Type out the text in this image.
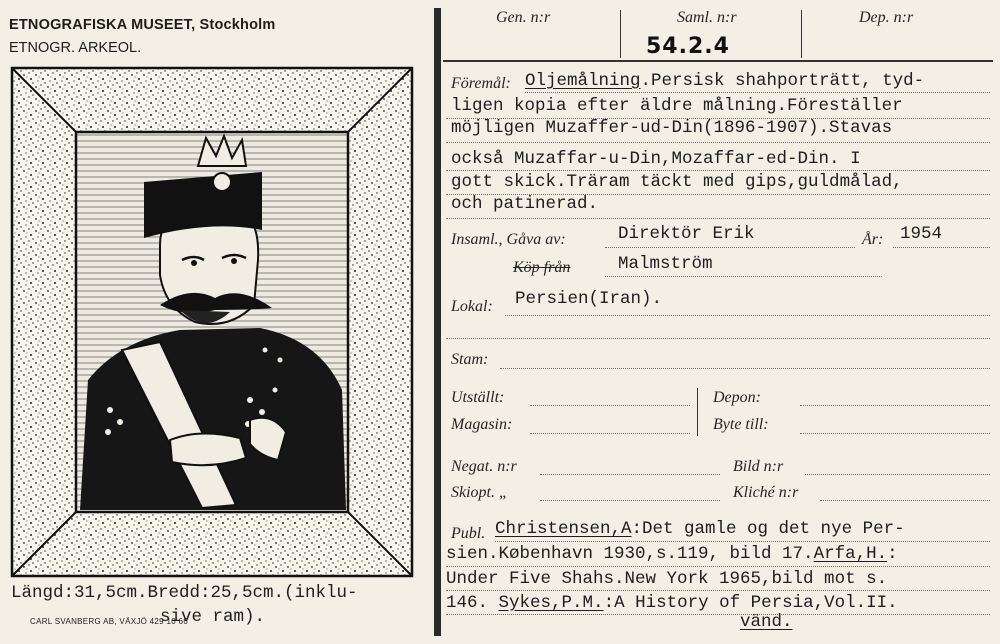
ETNOGRAFISKA MUSEET, Stockholm
ETNOGR. ARKEOL.
Längd:31,5cm.Bredd:25,5cm.(inklu-
sive ram).
CARL SVANBERG AB, VÄXJÖ 429 10 66
Gen. n:r	Saml. n:r	Dep. n:r
54.2.4
Föremål: Oljemålning.Persisk shahporträtt, tyd-
ligen kopia efter äldre målning.Föreställer
möjligen Muzaffer-ud-Din(1896-1907).Stavas
också Muzaffar-u-Din,Mozaffar-ed-Din. I
gott skick.Träram täckt med gips,guldmålad,
och patinerad.
Insaml., Gåva av:	Direktör Erik	År: 1954
Köp från	Malmström
Lokal: Persien(Iran).
Stam:
Utställt:
Magasin:
Depon:
Byte till:
Negat. n:r	Bild n:r
Skiopt. „	Kliché n:r
Publ. Christensen,A:Det gamle og det nye Per-
sien.København 1930,s.119, bild 17.Arfa,H.:
Under Five Shahs.New York 1965,bild mot s.
146. Sykes,P.M.:A History of Persia,Vol.II.
vänd.
